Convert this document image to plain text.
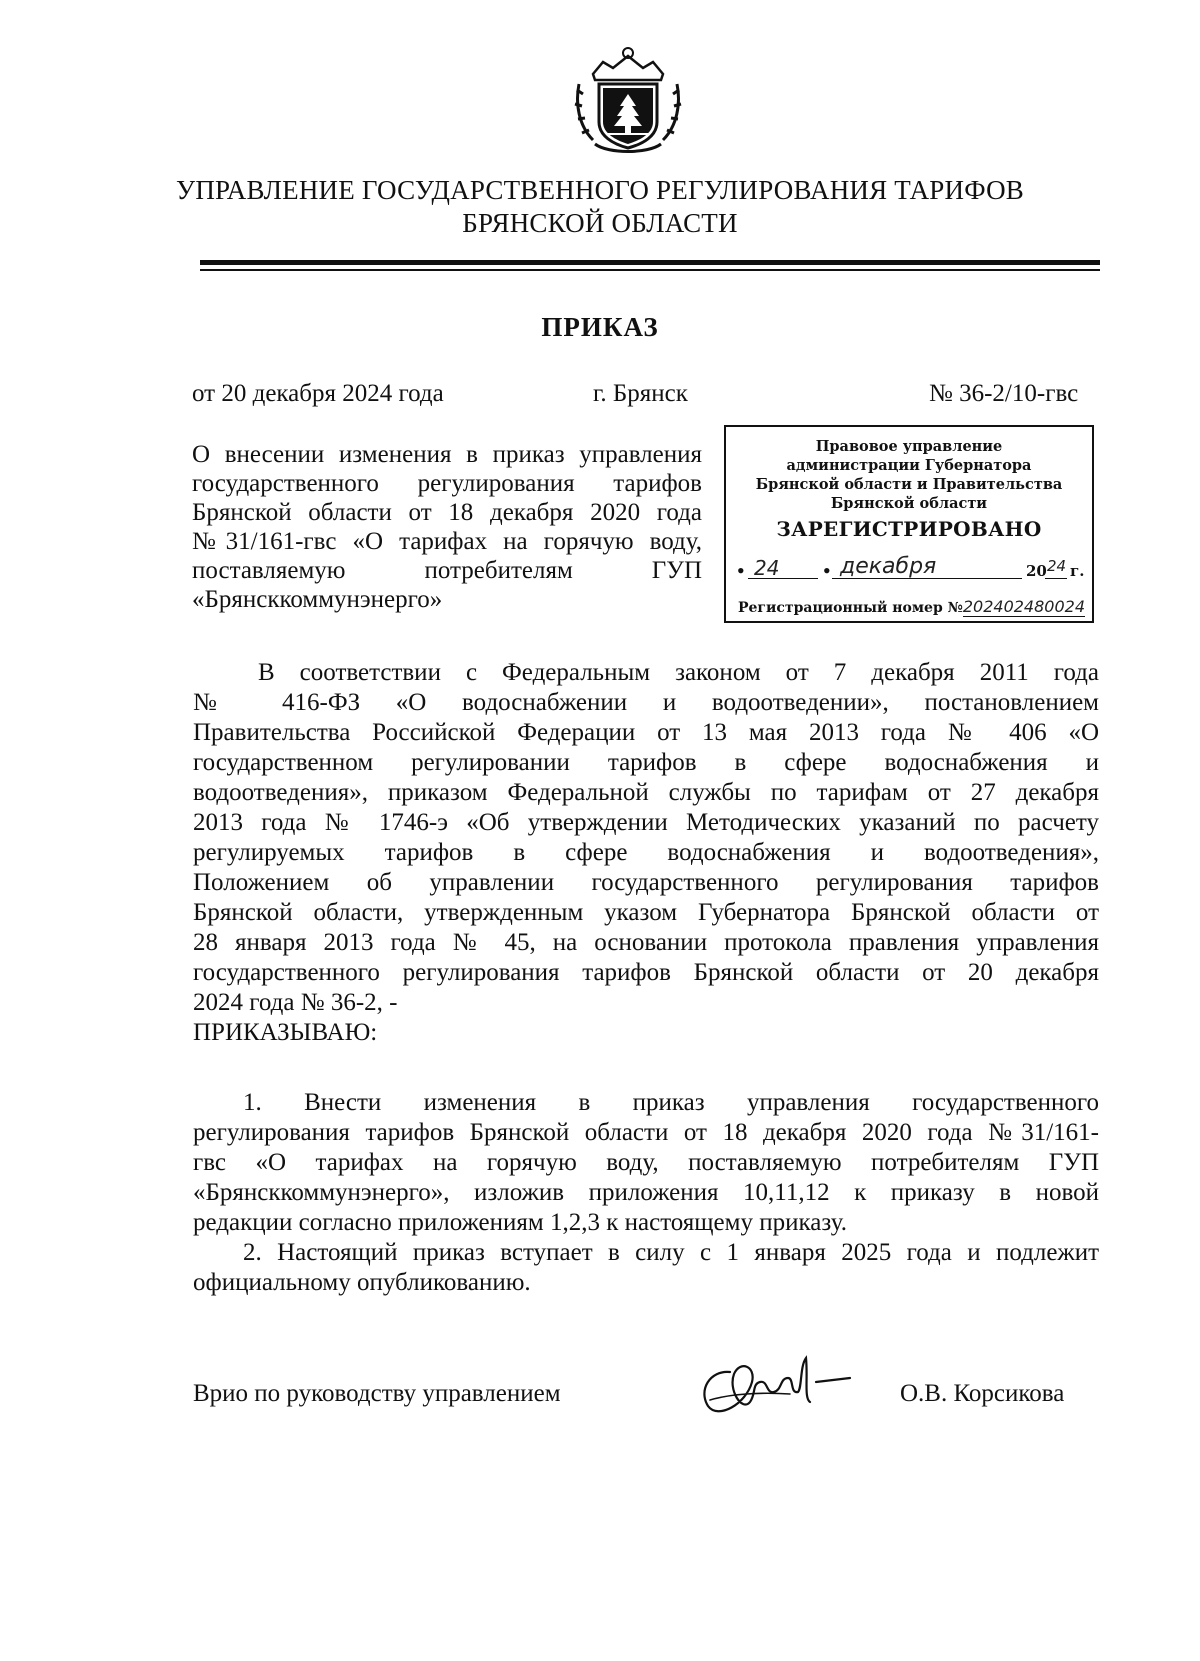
УПРАВЛЕНИЕ ГОСУДАРСТВЕННОГО РЕГУЛИРОВАНИЯ ТАРИФОВ
БРЯНСКОЙ ОБЛАСТИ
ПРИКАЗ
от 20 декабря 2024 года	г. Брянск	№ 36-2/10-гвс
О внесении изменения в приказ управления
государственного регулирования тарифов
Брянской области от 18 декабря 2020 года
№31/161-гвс «О тарифах на горячую воду,
поставляемую потребителям ГУП
«Брянсккоммунэнерго»
Правовое управление
администрации Губернатора
Брянской области и Правительства
Брянской области
ЗАРЕГИСТРИРОВАНО
• 24	• декабря	20 24 г.
Регистрационный номер №202402480024
В соответствии с Федеральным законом от 7 декабря 2011 года
№ 416-ФЗ «О водоснабжении и водоотведении», постановлением
Правительства Российской Федерации от 13 мая 2013 года № 406 «О
государственном регулировании тарифов в сфере водоснабжения и
водоотведения», приказом Федеральной службы по тарифам от 27 декабря
2013 года № 1746-э «Об утверждении Методических указаний по расчету
регулируемых тарифов в сфере водоснабжения и водоотведения»,
Положением об управлении государственного регулирования тарифов
Брянской области, утвержденным указом Губернатора Брянской области от
28 января 2013 года № 45, на основании протокола правления управления
государственного регулирования тарифов Брянской области от 20 декабря
2024 года № 36-2, -
ПРИКАЗЫВАЮ:
1. Внести изменения в приказ управления государственного
регулирования тарифов Брянской области от 18 декабря 2020 года №31/161-
гвс «О тарифах на горячую воду, поставляемую потребителям ГУП
«Брянсккоммунэнерго», изложив приложения 10,11,12 к приказу в новой
редакции согласно приложениям 1,2,3 к настоящему приказу.
2. Настоящий приказ вступает в силу с 1 января 2025 года и подлежит
официальному опубликованию.
Врио по руководству управлением	О.В. Корсикова
